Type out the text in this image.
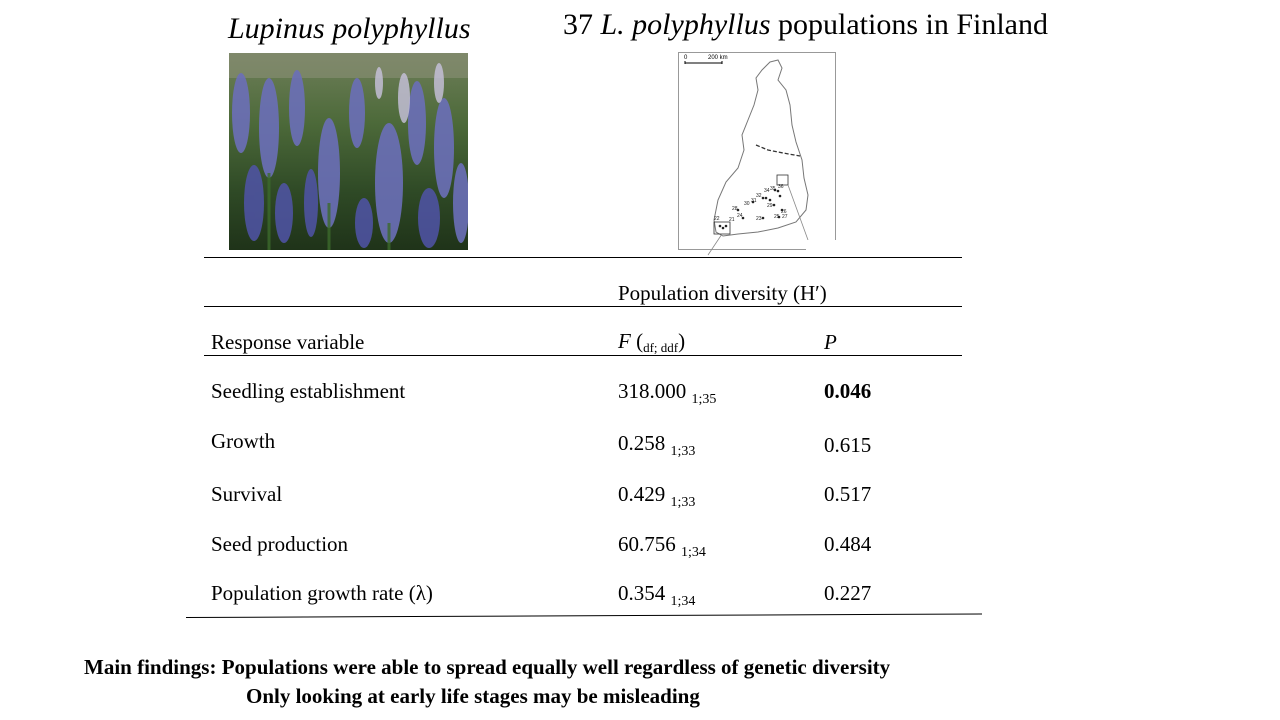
Lupinus polyphyllus	37 L. polyphyllus populations in Finland
0	200 km
34 35 36
32
30 31
29
28	26
24
21	23
22	25 27
Population diversity (H′)
Response variable	F (df; ddf)	P
Seedling establishment	318.000 $_{1;35}$	0.046
Growth	0.258 $_{1;33}$	0.615
Survival	0.429 $_{1;33}$	0.517
Seed production	60.756 $_{1;34}$	0.484
Population growth rate (λ)	0.354 $_{1;34}$	0.227
Main findings: Populations were able to spread equally well regardless of genetic diversity
Only looking at early life stages may be misleading
